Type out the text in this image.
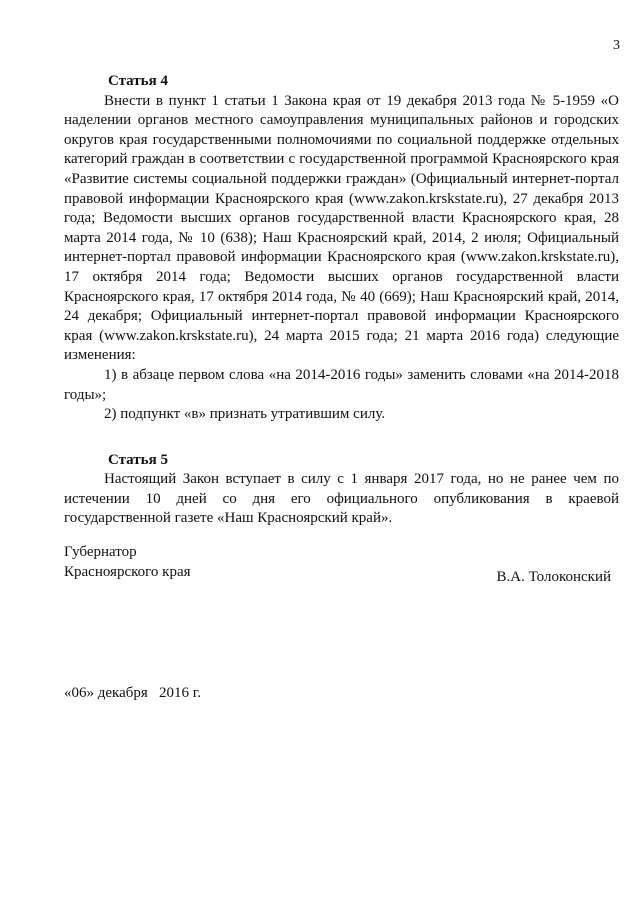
3

Статья 4

Внести в пункт 1 статьи 1 Закона края от 19 декабря 2013 года № 5-1959 «О наделении органов местного самоуправления муниципальных районов и городских округов края государственными полномочиями по социальной поддержке отдельных категорий граждан в соответствии с государственной программой Красноярского края «Развитие системы социальной поддержки граждан» (Официальный интернет-портал правовой информации Красноярского края (www.zakon.krskstate.ru), 27 декабря 2013 года; Ведомости высших органов государственной власти Красноярского края, 28 марта 2014 года, № 10 (638); Наш Красноярский край, 2014, 2 июля; Официальный интернет-портал правовой информации Красноярского края (www.zakon.krskstate.ru), 17 октября 2014 года; Ведомости высших органов государственной власти Красноярского края, 17 октября 2014 года, № 40 (669); Наш Красноярский край, 2014, 24 декабря; Официальный интернет-портал правовой информации Красноярского края (www.zakon.krskstate.ru), 24 марта 2015 года; 21 марта 2016 года) следующие изменения:

1) в абзаце первом слова «на 2014-2016 годы» заменить словами «на 2014-2018 годы»;

2) подпункт «в» признать утратившим силу.

Статья 5

Настоящий Закон вступает в силу с 1 января 2017 года, но не ранее чем по истечении 10 дней со дня его официального опубликования в краевой государственной газете «Наш Красноярский край».

Губернатор

Красноярского края	В.А. Толоконский
«06» декабря   2016 г.
